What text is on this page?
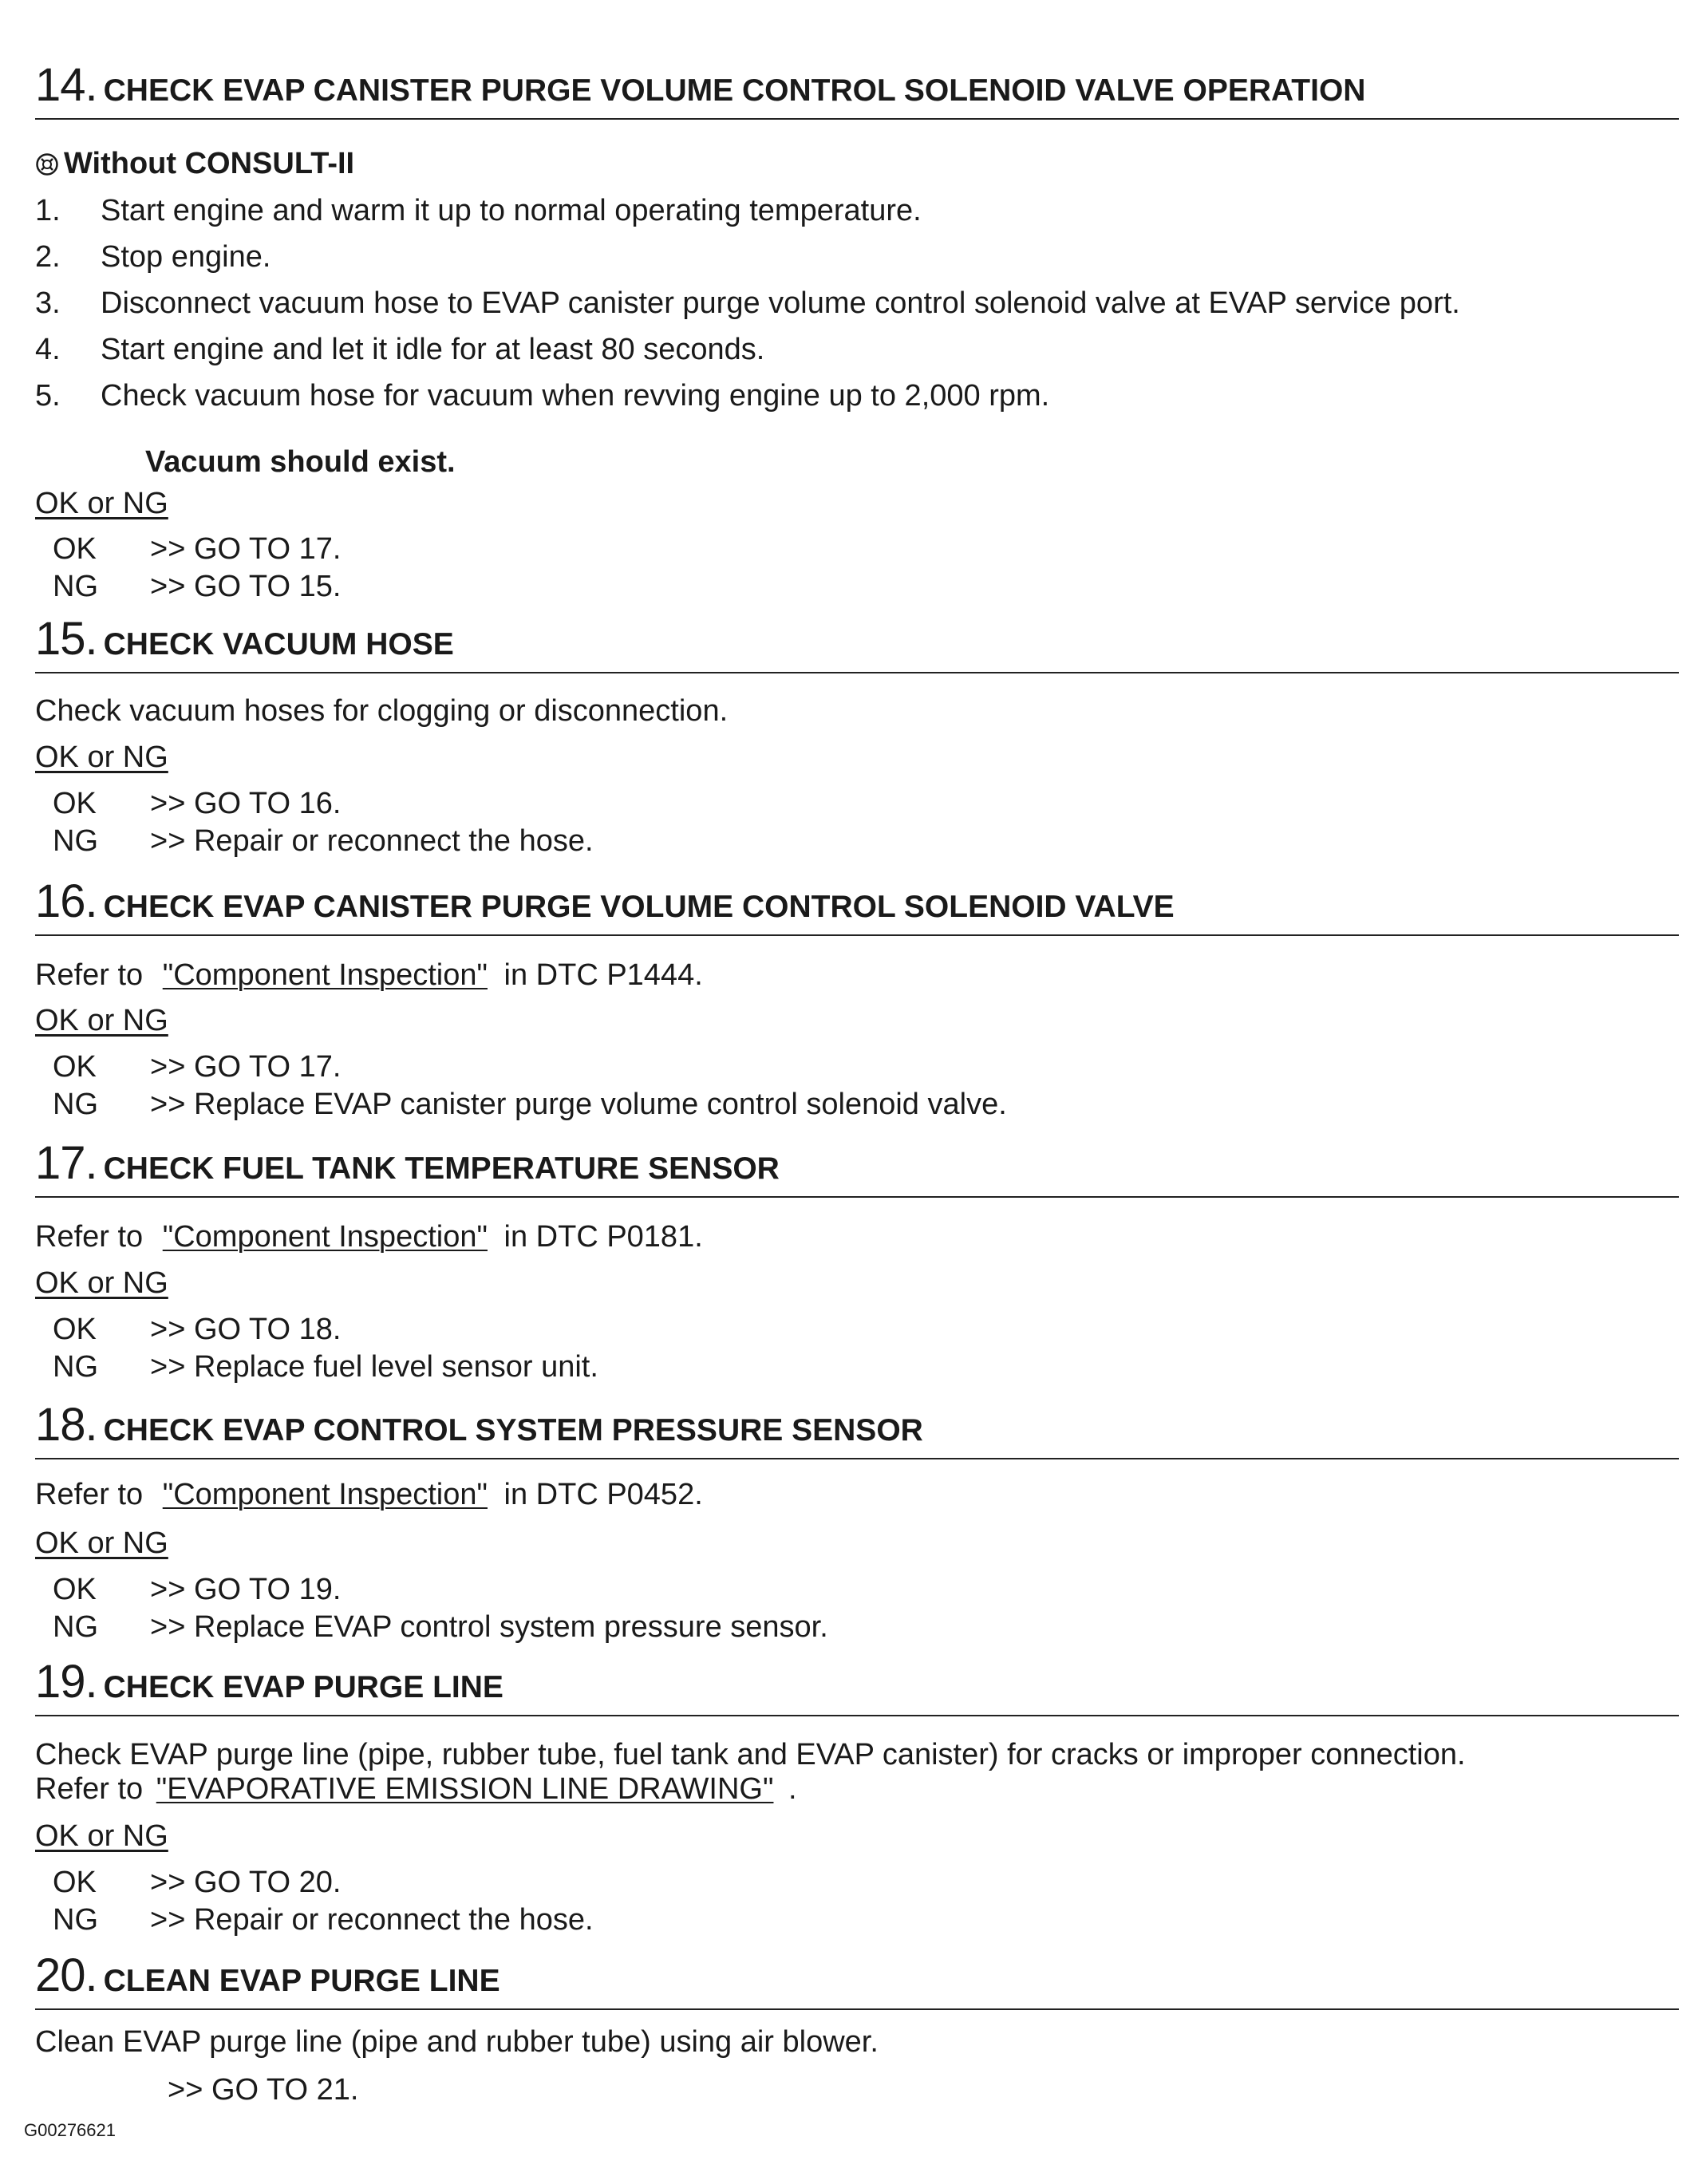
14. CHECK EVAP CANISTER PURGE VOLUME CONTROL SOLENOID VALVE OPERATION
Without CONSULT-II
1. Start engine and warm it up to normal operating temperature.
2. Stop engine.
3. Disconnect vacuum hose to EVAP canister purge volume control solenoid valve at EVAP service port.
4. Start engine and let it idle for at least 80 seconds.
5. Check vacuum hose for vacuum when revving engine up to 2,000 rpm.
Vacuum should exist.
OK or NG
OK >> GO TO 17.
NG >> GO TO 15.
15. CHECK VACUUM HOSE
Check vacuum hoses for clogging or disconnection.
OK or NG
OK >> GO TO 16.
NG >> Repair or reconnect the hose.
16. CHECK EVAP CANISTER PURGE VOLUME CONTROL SOLENOID VALVE
Refer to "Component Inspection" in DTC P1444.
OK or NG
OK >> GO TO 17.
NG >> Replace EVAP canister purge volume control solenoid valve.
17. CHECK FUEL TANK TEMPERATURE SENSOR
Refer to "Component Inspection" in DTC P0181.
OK or NG
OK >> GO TO 18.
NG >> Replace fuel level sensor unit.
18. CHECK EVAP CONTROL SYSTEM PRESSURE SENSOR
Refer to "Component Inspection" in DTC P0452.
OK or NG
OK >> GO TO 19.
NG >> Replace EVAP control system pressure sensor.
19. CHECK EVAP PURGE LINE
Check EVAP purge line (pipe, rubber tube, fuel tank and EVAP canister) for cracks or improper connection.
Refer to "EVAPORATIVE EMISSION LINE DRAWING" .
OK or NG
OK >> GO TO 20.
NG >> Repair or reconnect the hose.
20. CLEAN EVAP PURGE LINE
Clean EVAP purge line (pipe and rubber tube) using air blower.
>> GO TO 21.
G00276621
